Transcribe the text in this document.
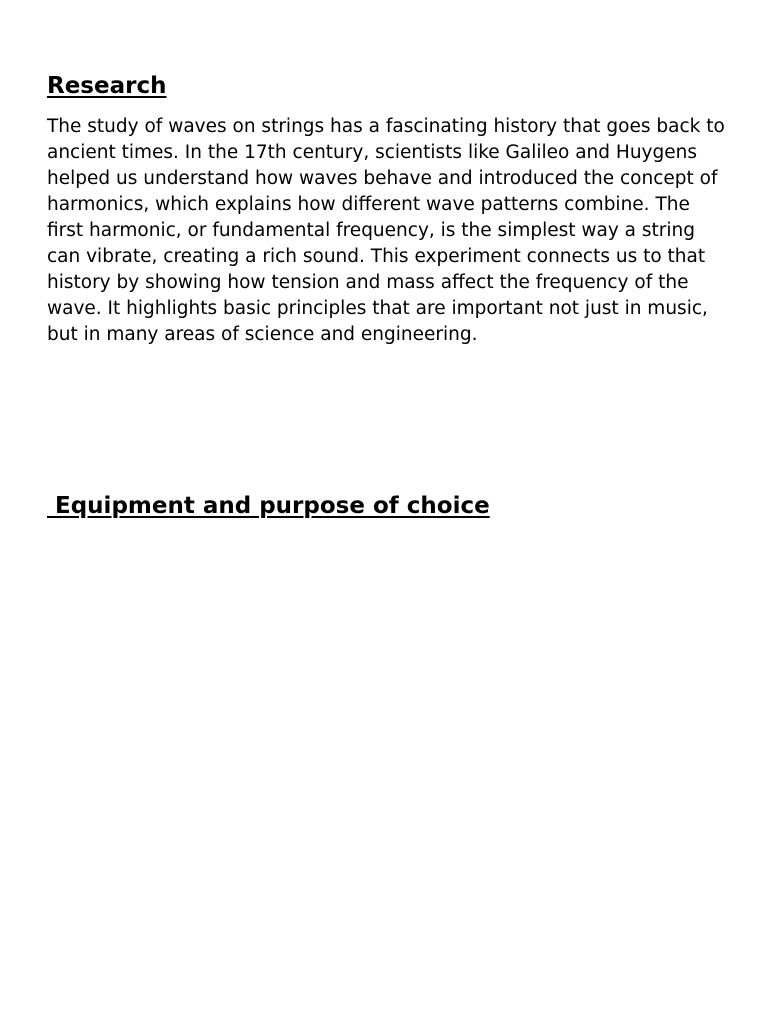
Research

The study of waves on strings has a fascinating history that goes back to ancient times. In the 17th century, scientists like Galileo and Huygens helped us understand how waves behave and introduced the concept of harmonics, which explains how different wave patterns combine. The first harmonic, or fundamental frequency, is the simplest way a string can vibrate, creating a rich sound. This experiment connects us to that history by showing how tension and mass affect the frequency of the wave. It highlights basic principles that are important not just in music, but in many areas of science and engineering.

Equipment and purpose of choice
